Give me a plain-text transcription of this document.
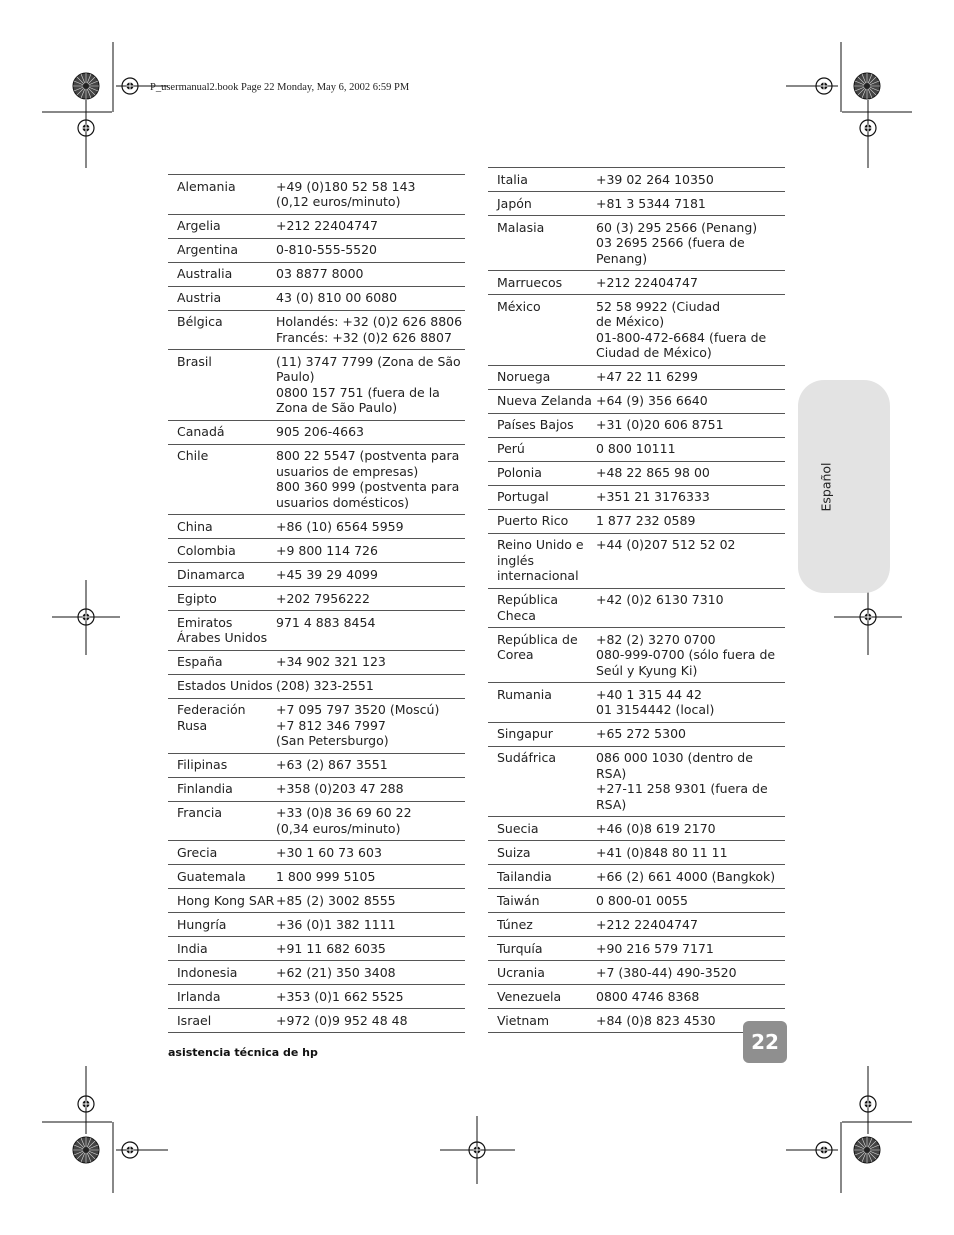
P_usermanual2.book Page 22 Monday, May 6, 2002 6:59 PM
Alemania	+49 (0)180 52 58 143
(0,12 euros/minuto)
Argelia	+212 22404747
Argentina	0-810-555-5520
Australia	03 8877 8000
Austria	43 (0) 810 00 6080
Bélgica	Holandés: +32 (0)2 626 8806
Francés: +32 (0)2 626 8807
Brasil	(11) 3747 7799 (Zona de São Paulo)
0800 157 751 (fuera de la Zona de São Paulo)
Canadá	905 206-4663
Chile	800 22 5547 (postventa para usuarios de empresas)
800 360 999 (postventa para usuarios domésticos)
China	+86 (10) 6564 5959
Colombia	+9 800 114 726
Dinamarca	+45 39 29 4099
Egipto	+202 7956222
Emiratos Árabes Unidos	971 4 883 8454
España	+34 902 321 123
Estados Unidos	(208) 323-2551
Federación Rusa	+7 095 797 3520 (Moscú)
+7 812 346 7997
(San Petersburgo)
Filipinas	+63 (2) 867 3551
Finlandia	+358 (0)203 47 288
Francia	+33 (0)8 36 69 60 22
(0,34 euros/minuto)
Grecia	+30 1 60 73 603
Guatemala	1 800 999 5105
Hong Kong SAR	+85 (2) 3002 8555
Hungría	+36 (0)1 382 1111
India	+91 11 682 6035
Indonesia	+62 (21) 350 3408
Irlanda	+353 (0)1 662 5525
Israel	+972 (0)9 952 48 48
Italia	+39 02 264 10350
Japón	+81 3 5344 7181
Malasia	60 (3) 295 2566 (Penang)
03 2695 2566 (fuera de Penang)
Marruecos	+212 22404747
México	52 58 9922 (Ciudad
de México)
01-800-472-6684 (fuera de Ciudad de México)
Noruega	+47 22 11 6299
Nueva Zelanda	+64 (9) 356 6640
Países Bajos	+31 (0)20 606 8751
Perú	0 800 10111
Polonia	+48 22 865 98 00
Portugal	+351 21 3176333
Puerto Rico	1 877 232 0589
Reino Unido e inglés internacional	+44 (0)207 512 52 02
República Checa	+42 (0)2 6130 7310
República de Corea	+82 (2) 3270 0700
080-999-0700 (sólo fuera de Seúl y Kyung Ki)
Rumania	+40 1 315 44 42
01 3154442 (local)
Singapur	+65 272 5300
Sudáfrica	086 000 1030 (dentro de RSA)
+27-11 258 9301 (fuera de RSA)
Suecia	+46 (0)8 619 2170
Suiza	+41 (0)848 80 11 11
Tailandia	+66 (2) 661 4000 (Bangkok)
Taiwán	0 800-01 0055
Túnez	+212 22404747
Turquía	+90 216 579 7171
Ucrania	+7 (380-44) 490-3520
Venezuela	0800 4746 8368
Vietnam	+84 (0)8 823 4530
Español
asistencia técnica de hp	22
